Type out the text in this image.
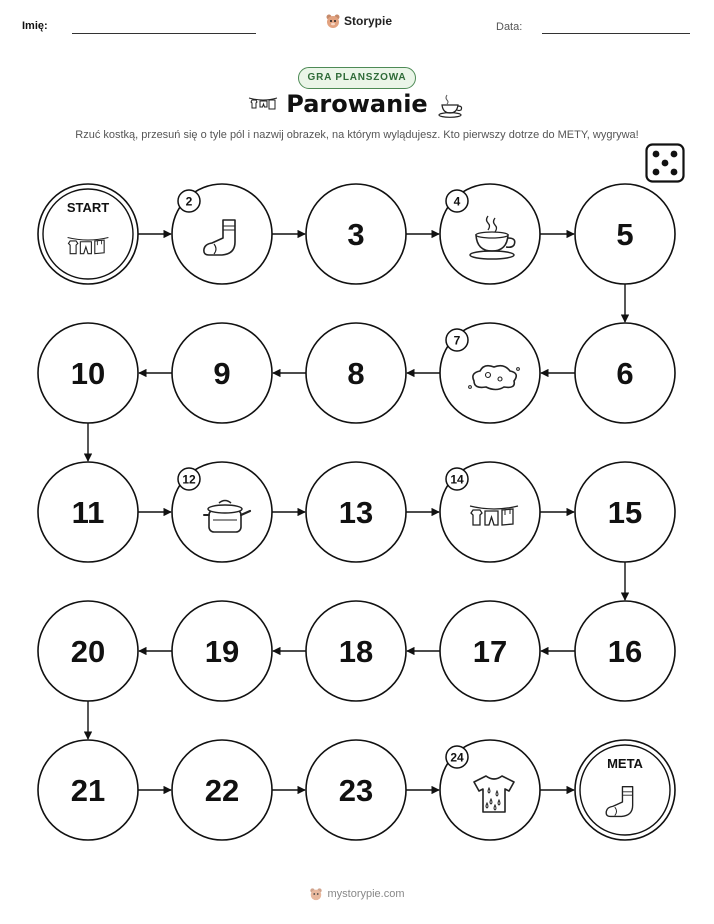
Imię:	Storypie	Data:
GRA PLANSZOWA
Parowanie
Rzuć kostką, przesuń się o tyle pól i nazwij obrazek, na którym wylądujesz. Kto pierwszy dotrze do METY, wygrywa!
START	2
3
4
5
6
7
8
9
10
11
12
13
14
15
16
17
18
19
20
21	22	23
24	META
mystorypie.com
